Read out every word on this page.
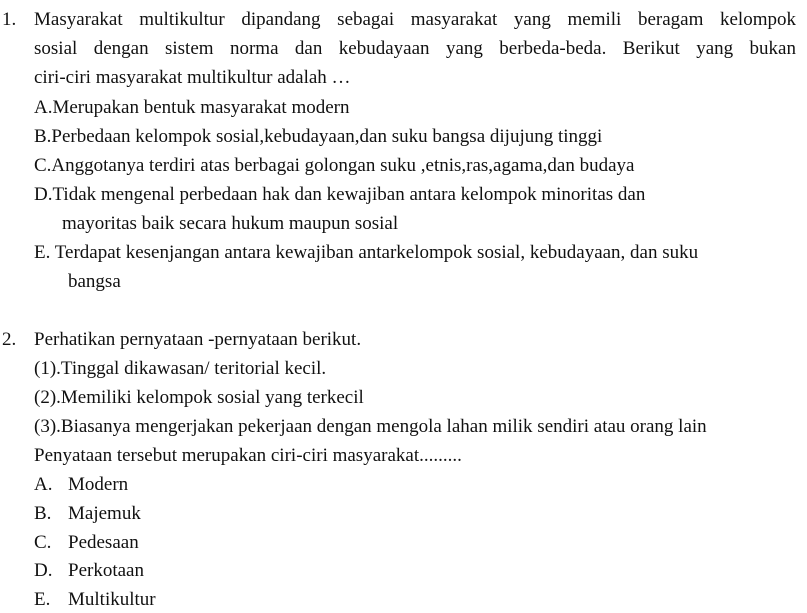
1. Masyarakat multikultur dipandang sebagai masyarakat yang memili beragam kelompok
sosial dengan sistem norma dan kebudayaan yang berbeda-beda. Berikut yang bukan
ciri-ciri masyarakat multikultur adalah …
A.Merupakan bentuk masyarakat modern
B.Perbedaan kelompok sosial,kebudayaan,dan suku bangsa dijujung tinggi
C.Anggotanya terdiri atas berbagai golongan suku ,etnis,ras,agama,dan budaya
D.Tidak mengenal perbedaan hak dan kewajiban antara kelompok minoritas dan
mayoritas baik secara hukum maupun sosial
E. Terdapat kesenjangan antara kewajiban antarkelompok sosial, kebudayaan, dan suku
bangsa
2. Perhatikan pernyataan -pernyataan berikut.
(1).Tinggal dikawasan/ teritorial kecil.
(2).Memiliki kelompok sosial yang terkecil
(3).Biasanya mengerjakan pekerjaan dengan mengola lahan milik sendiri atau orang lain
Penyataan tersebut merupakan ciri-ciri masyarakat.........
A. Modern
B. Majemuk
C. Pedesaan
D. Perkotaan
E. Multikultur
